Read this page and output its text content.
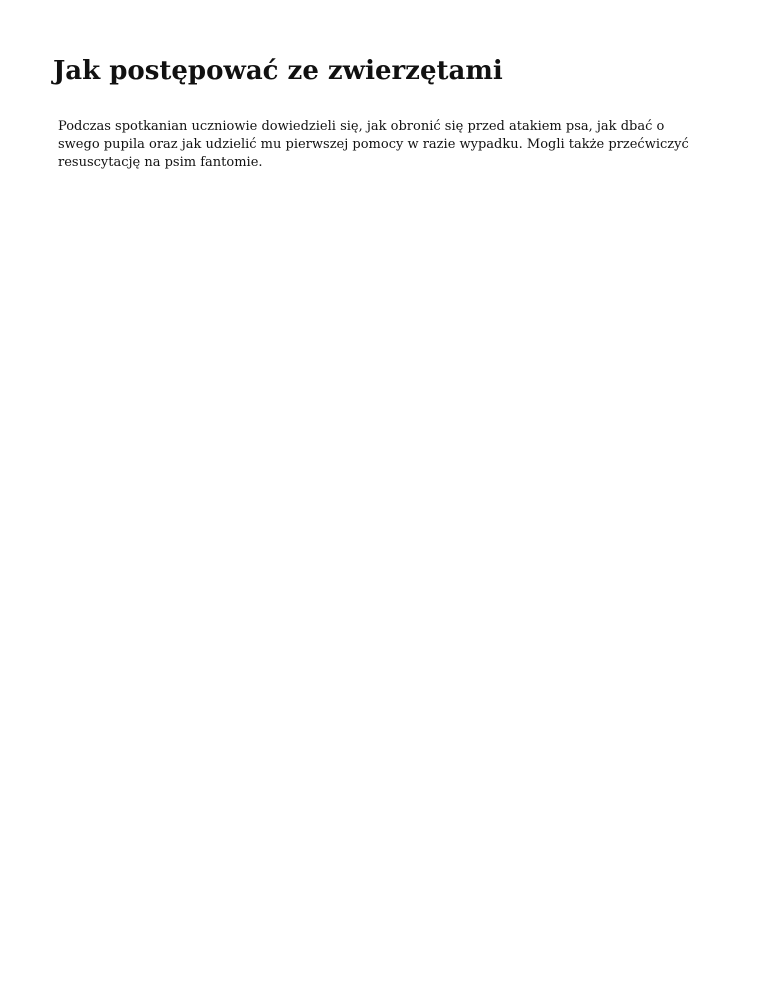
Jak postępować ze zwierzętami

Podczas spotkanian uczniowie dowiedzieli się, jak obronić się przed atakiem psa, jak dbać o swego pupila oraz jak udzielić mu pierwszej pomocy w razie wypadku. Mogli także przećwiczyć resuscytację na psim fantomie.
